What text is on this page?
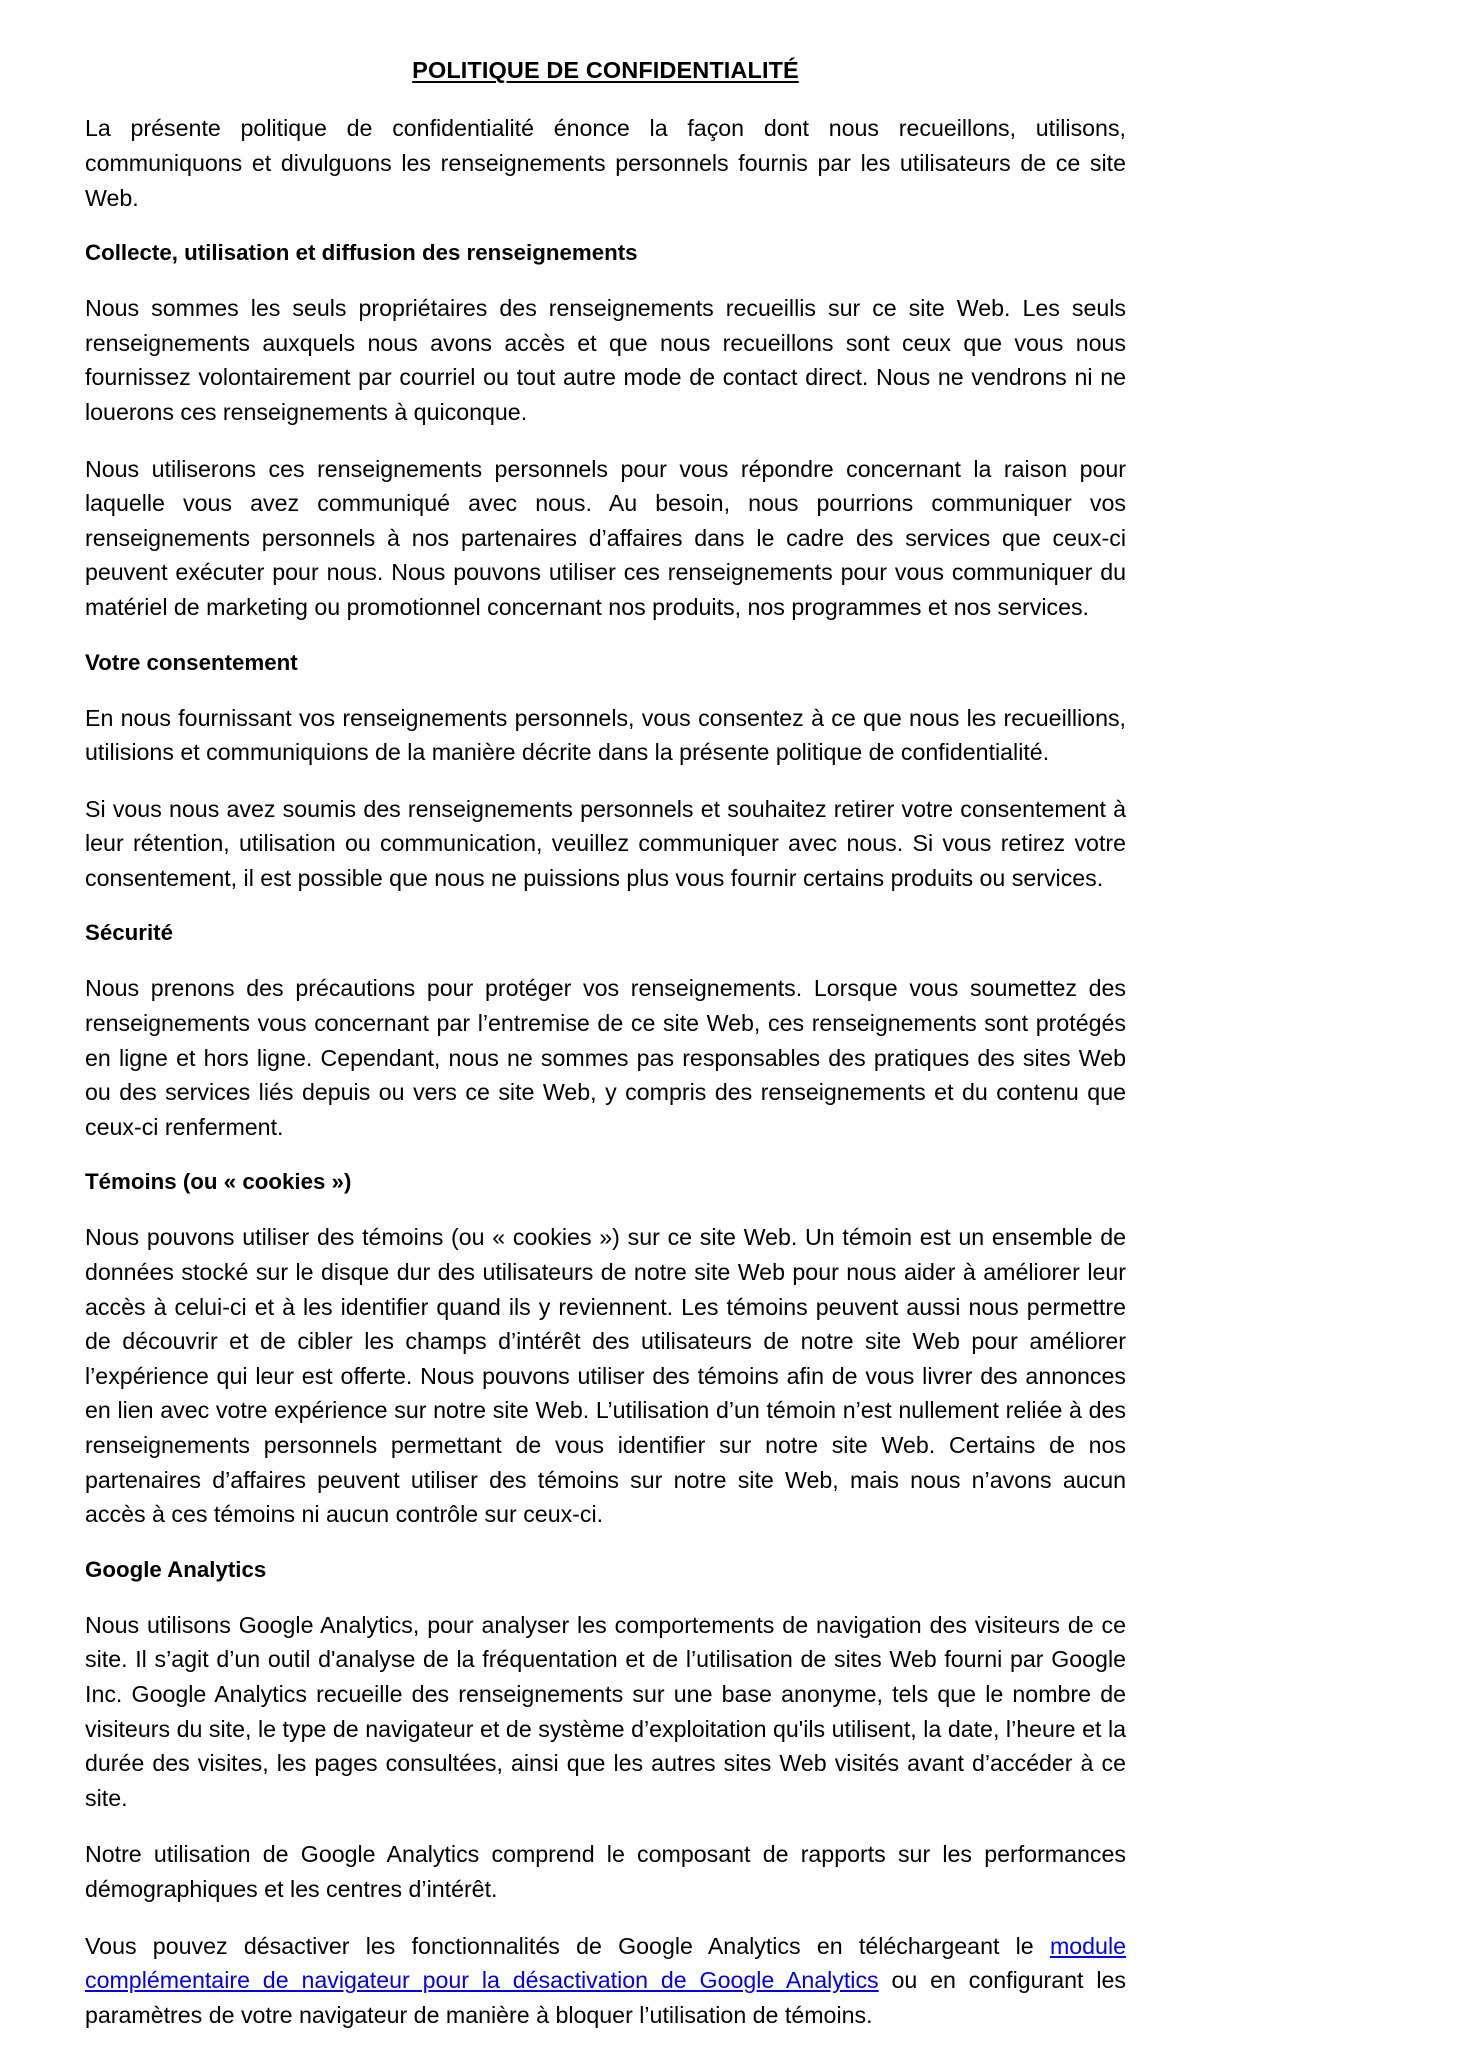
POLITIQUE DE CONFIDENTIALITÉ

La présente politique de confidentialité énonce la façon dont nous recueillons, utilisons, communiquons et divulguons les renseignements personnels fournis par les utilisateurs de ce site Web.

Collecte, utilisation et diffusion des renseignements

Nous sommes les seuls propriétaires des renseignements recueillis sur ce site Web. Les seuls renseignements auxquels nous avons accès et que nous recueillons sont ceux que vous nous fournissez volontairement par courriel ou tout autre mode de contact direct. Nous ne vendrons ni ne louerons ces renseignements à quiconque.

Nous utiliserons ces renseignements personnels pour vous répondre concernant la raison pour laquelle vous avez communiqué avec nous. Au besoin, nous pourrions communiquer vos renseignements personnels à nos partenaires d’affaires dans le cadre des services que ceux-ci peuvent exécuter pour nous. Nous pouvons utiliser ces renseignements pour vous communiquer du matériel de marketing ou promotionnel concernant nos produits, nos programmes et nos services.

Votre consentement

En nous fournissant vos renseignements personnels, vous consentez à ce que nous les recueillions, utilisions et communiquions de la manière décrite dans la présente politique de confidentialité.

Si vous nous avez soumis des renseignements personnels et souhaitez retirer votre consentement à leur rétention, utilisation ou communication, veuillez communiquer avec nous. Si vous retirez votre consentement, il est possible que nous ne puissions plus vous fournir certains produits ou services.

Sécurité

Nous prenons des précautions pour protéger vos renseignements. Lorsque vous soumettez des renseignements vous concernant par l’entremise de ce site Web, ces renseignements sont protégés en ligne et hors ligne. Cependant, nous ne sommes pas responsables des pratiques des sites Web ou des services liés depuis ou vers ce site Web, y compris des renseignements et du contenu que ceux-ci renferment.

Témoins (ou « cookies »)

Nous pouvons utiliser des témoins (ou « cookies ») sur ce site Web. Un témoin est un ensemble de données stocké sur le disque dur des utilisateurs de notre site Web pour nous aider à améliorer leur accès à celui-ci et à les identifier quand ils y reviennent. Les témoins peuvent aussi nous permettre de découvrir et de cibler les champs d’intérêt des utilisateurs de notre site Web pour améliorer l’expérience qui leur est offerte. Nous pouvons utiliser des témoins afin de vous livrer des annonces en lien avec votre expérience sur notre site Web. L’utilisation d’un témoin n’est nullement reliée à des renseignements personnels permettant de vous identifier sur notre site Web. Certains de nos partenaires d’affaires peuvent utiliser des témoins sur notre site Web, mais nous n’avons aucun accès à ces témoins ni aucun contrôle sur ceux-ci.

Google Analytics

Nous utilisons Google Analytics, pour analyser les comportements de navigation des visiteurs de ce site. Il s’agit d’un outil d'analyse de la fréquentation et de l’utilisation de sites Web fourni par Google Inc. Google Analytics recueille des renseignements sur une base anonyme, tels que le nombre de visiteurs du site, le type de navigateur et de système d’exploitation qu'ils utilisent, la date, l’heure et la durée des visites, les pages consultées, ainsi que les autres sites Web visités avant d’accéder à ce site.

Notre utilisation de Google Analytics comprend le composant de rapports sur les performances démographiques et les centres d’intérêt.

Vous pouvez désactiver les fonctionnalités de Google Analytics en téléchargeant le module complémentaire de navigateur pour la désactivation de Google Analytics ou en configurant les paramètres de votre navigateur de manière à bloquer l’utilisation de témoins.
